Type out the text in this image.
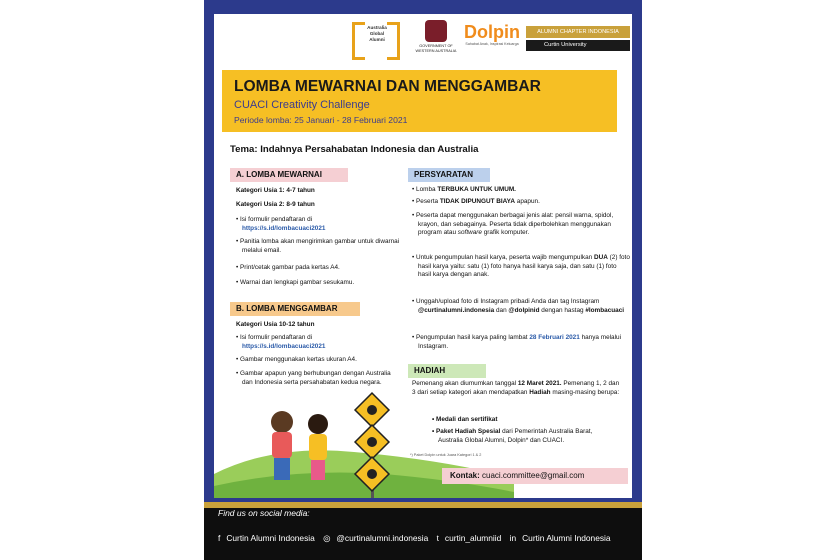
Australia Global Alumni
GOVERNMENT OF WESTERN AUSTRALIA
Dolpin
Sahabat Anak, Inspirasi Keluarga
ALUMNI CHAPTER INDONESIA
Curtin University
LOMBA MEWARNAI DAN MENGGAMBAR
CUACI Creativity Challenge
Periode lomba: 25 Januari - 28 Februari 2021
Tema: Indahnya Persahabatan Indonesia dan Australia
A. LOMBA MEWARNAI
Kategori Usia 1: 4-7 tahun
Kategori Usia 2: 8-9 tahun
• Isi formulir pendaftaran di
https://s.id/lombacuaci2021
• Panitia lomba akan mengirimkan gambar untuk diwarnai melalui email.
• Print/cetak gambar pada kertas A4.
• Warnai dan lengkapi gambar sesukamu.
B. LOMBA MENGGAMBAR
Kategori Usia 10-12 tahun
• Isi formulir pendaftaran di
https://s.id/lombacuaci2021
• Gambar menggunakan kertas ukuran A4.
• Gambar apapun yang berhubungan dengan Australia dan Indonesia serta persahabatan kedua negara.
PERSYARATAN
• Lomba TERBUKA UNTUK UMUM.
• Peserta TIDAK DIPUNGUT BIAYA apapun.
• Peserta dapat menggunakan berbagai jenis alat: pensil warna, spidol, krayon, dan sebagainya. Peserta tidak diperbolehkan menggunakan program atau software grafik komputer.
• Untuk pengumpulan hasil karya, peserta wajib mengumpulkan DUA (2) foto hasil karya yaitu: satu (1) foto hanya hasil karya saja, dan satu (1) foto hasil karya dengan anak.
• Unggah/upload foto di Instagram pribadi Anda dan tag Instagram @curtinalumni.indonesia dan @dolpinid dengan hastag #lombacuaci
• Pengumpulan hasil karya paling lambat 28 Februari 2021 hanya melalui Instagram.
HADIAH
Pemenang akan diumumkan tanggal 12 Maret 2021. Pemenang 1, 2 dan 3 dari setiap kategori akan mendapatkan Hadiah masing-masing berupa:
• Medali dan sertifikat
• Paket Hadiah Spesial dari Pemerintah Australia Barat, Australia Global Alumni, Dolpin* dan CUACI.
*) Paket Dolpin untuk Juara Kategori 1 & 2
Kontak: cuaci.committee@gmail.com
Find us on social media:
f Curtin Alumni Indonesia ◎ @curtinalumni.indonesia t curtin_alumniid in Curtin Alumni Indonesia
